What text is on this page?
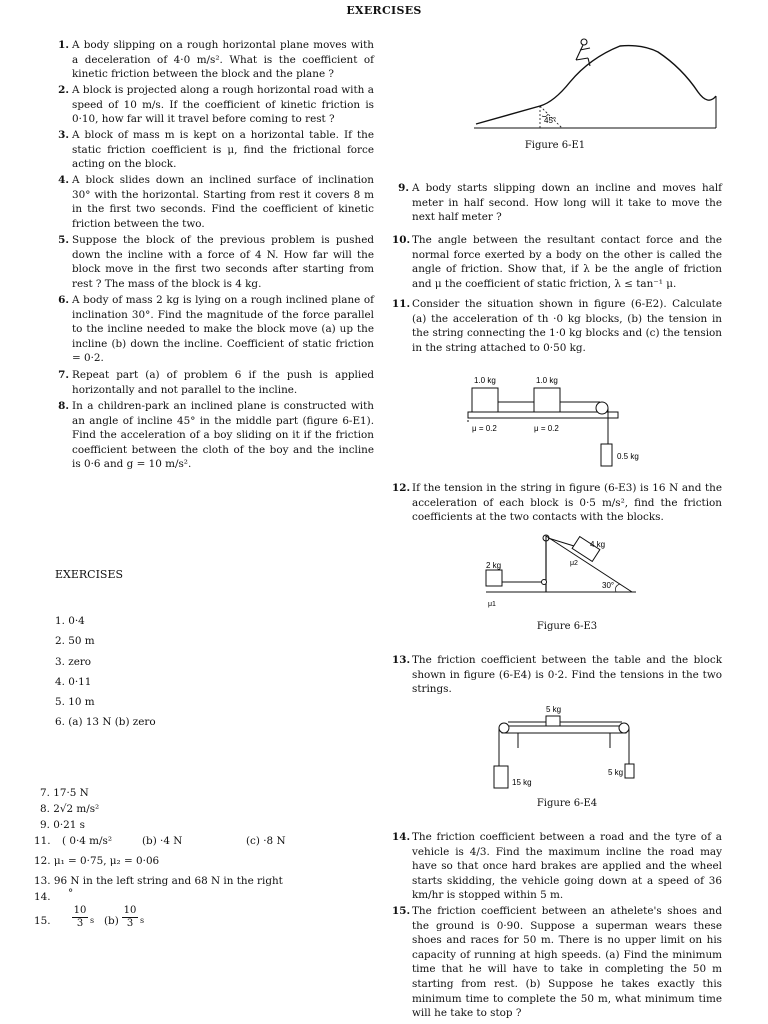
EXERCISES
1. A body slipping on a rough horizontal plane moves with a deceleration of 4·0 m/s². What is the coefficient of kinetic friction between the block and the plane ?
2. A block is projected along a rough horizontal road with a speed of 10 m/s. If the coefficient of kinetic friction is 0·10, how far will it travel before coming to rest ?
3. A block of mass m is kept on a horizontal table. If the static friction coefficient is μ, find the frictional force acting on the block.
4. A block slides down an inclined surface of inclination 30° with the horizontal. Starting from rest it covers 8 m in the first two seconds. Find the coefficient of kinetic friction between the two.
5. Suppose the block of the previous problem is pushed down the incline with a force of 4 N. How far will the block move in the first two seconds after starting from rest ? The mass of the block is 4 kg.
6. A body of mass 2 kg is lying on a rough inclined plane of inclination 30°. Find the magnitude of the force parallel to the incline needed to make the block move (a) up the incline (b) down the incline. Coefficient of static friction = 0·2.
7. Repeat part (a) of problem 6 if the push is applied horizontally and not parallel to the incline.
8. In a children-park an inclined plane is constructed with an angle of incline 45° in the middle part (figure 6-E1). Find the acceleration of a boy sliding on it if the friction coefficient between the cloth of the boy and the incline is 0·6 and g = 10 m/s².
45°
Figure 6-E1
9. A body starts slipping down an incline and moves half meter in half second. How long will it take to move the next half meter ?
10. The angle between the resultant contact force and the normal force exerted by a body on the other is called the angle of friction. Show that, if λ be the angle of friction and μ the coefficient of static friction, λ ≤ tan⁻¹ μ.
11. Consider the situation shown in figure (6-E2). Calculate (a) the acceleration of th ·0 kg blocks, (b) the tension in the string connecting the 1·0 kg blocks and (c) the tension in the string attached to 0·50 kg.
1.0 kg	1.0 kg
μ = 0.2	μ = 0.2
0.5 kg
12. If the tension in the string in figure (6-E3) is 16 N and the acceleration of each block is 0·5 m/s², find the friction coefficients at the two contacts with the blocks.
2 kg
4 kg
μ2
30°
μ1
Figure 6-E3
13. The friction coefficient between the table and the block shown in figure (6-E4) is 0·2. Find the tensions in the two strings.
5 kg
15 kg
5 kg
Figure 6-E4
14. The friction coefficient between a road and the tyre of a vehicle is 4/3. Find the maximum incline the road may have so that once hard brakes are applied and the wheel starts skidding, the vehicle going down at a speed of 36 km/hr is stopped within 5 m.
15. The friction coefficient between an athelete's shoes and the ground is 0·90. Suppose a superman wears these shoes and races for 50 m. There is no upper limit on his capacity of running at high speeds. (a) Find the minimum time that he will have to take in completing the 50 m starting from rest. (b) Suppose he takes exactly this minimum time to complete the 50 m, what minimum time will he take to stop ?
EXERCISES
1. 0·4
2. 50 m
3. zero
4. 0·11
5. 10 m
6. (a) 13 N (b) zero
7. 17·5 N
8. 2√2 m/s²
9. 0·21 s
11. ( 0·4 m/s²	(b) ·4 N	(c) ·8 N
12. μ₁ = 0·75, μ₂ = 0·06
13. 96 N in the left string and 68 N in the right
14. °
15. $\frac{10}{3}$ s $(b) \frac{10}{3}$ s
